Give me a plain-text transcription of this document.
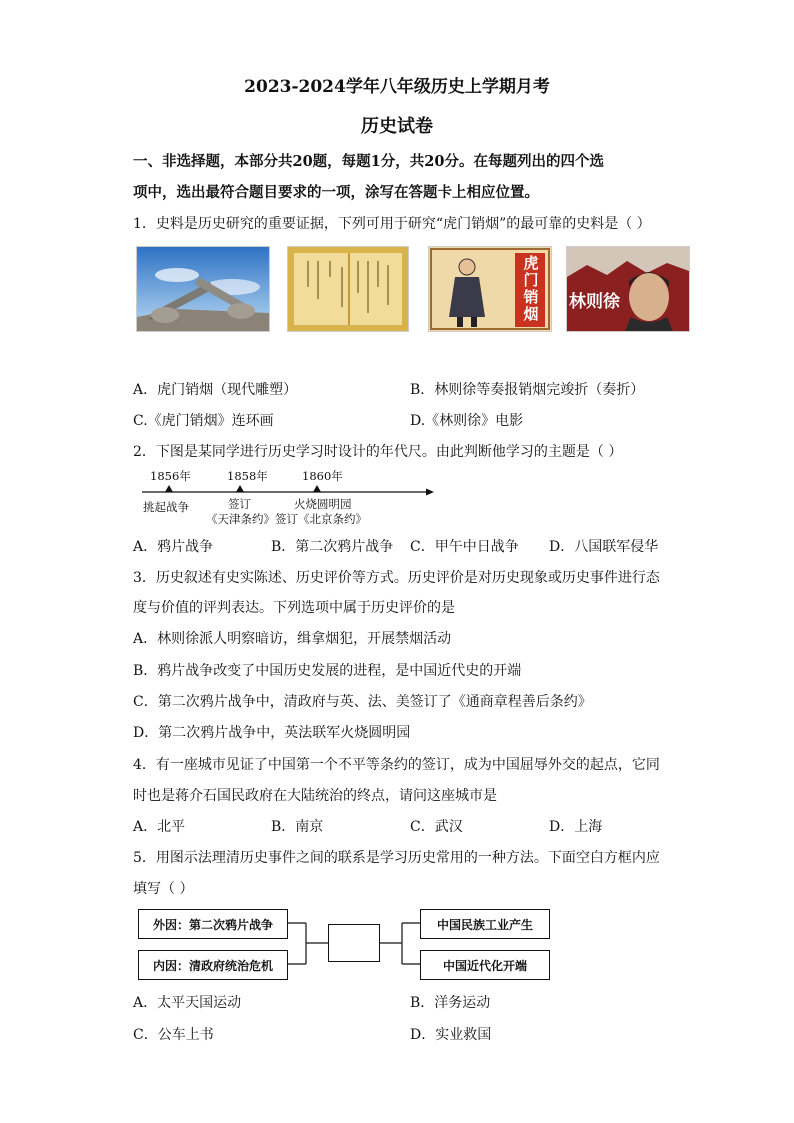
2023-2024学年八年级历史上学期月考
历史试卷
一、非选择题，本部分共20题，每题1分，共20分。在每题列出的四个选
项中，选出最符合题目要求的一项，涂写在答题卡上相应位置。
1．史料是历史研究的重要证据，下列可用于研究“虎门销烟”的最可靠的史料是（ ）
虎门销烟
林则徐
A．虎门销烟（现代雕塑）	B．林则徐等奏报销烟完竣折（奏折）
C.《虎门销烟》连环画	D.《林则徐》电影
2．下图是某同学进行历史学习时设计的年代尺。由此判断他学习的主题是（ ）
1856年	1858年	1860年
挑起战争	签订	火烧圆明园
《天津条约》签订《北京条约》
A．鸦片战争	B．第二次鸦片战争 C．甲午中日战争 D．八国联军侵华
3．历史叙述有史实陈述、历史评价等方式。历史评价是对历史现象或历史事件进行态
度与价值的评判表达。下列选项中属于历史评价的是
A．林则徐派人明察暗访，缉拿烟犯，开展禁烟活动
B．鸦片战争改变了中国历史发展的进程，是中国近代史的开端
C．第二次鸦片战争中，清政府与英、法、美签订了《通商章程善后条约》
D．第二次鸦片战争中，英法联军火烧圆明园
4．有一座城市见证了中国第一个不平等条约的签订，成为中国屈辱外交的起点，它同
时也是蒋介石国民政府在大陆统治的终点，请问这座城市是
A．北平	B．南京	C．武汉	D．上海
5．用图示法理清历史事件之间的联系是学习历史常用的一种方法。下面空白方框内应
填写（ ）
外因：第二次鸦片战争
内因：清政府统治危机
中国民族工业产生
中国近代化开端
A．太平天国运动	B．洋务运动
C．公车上书	D．实业救国
